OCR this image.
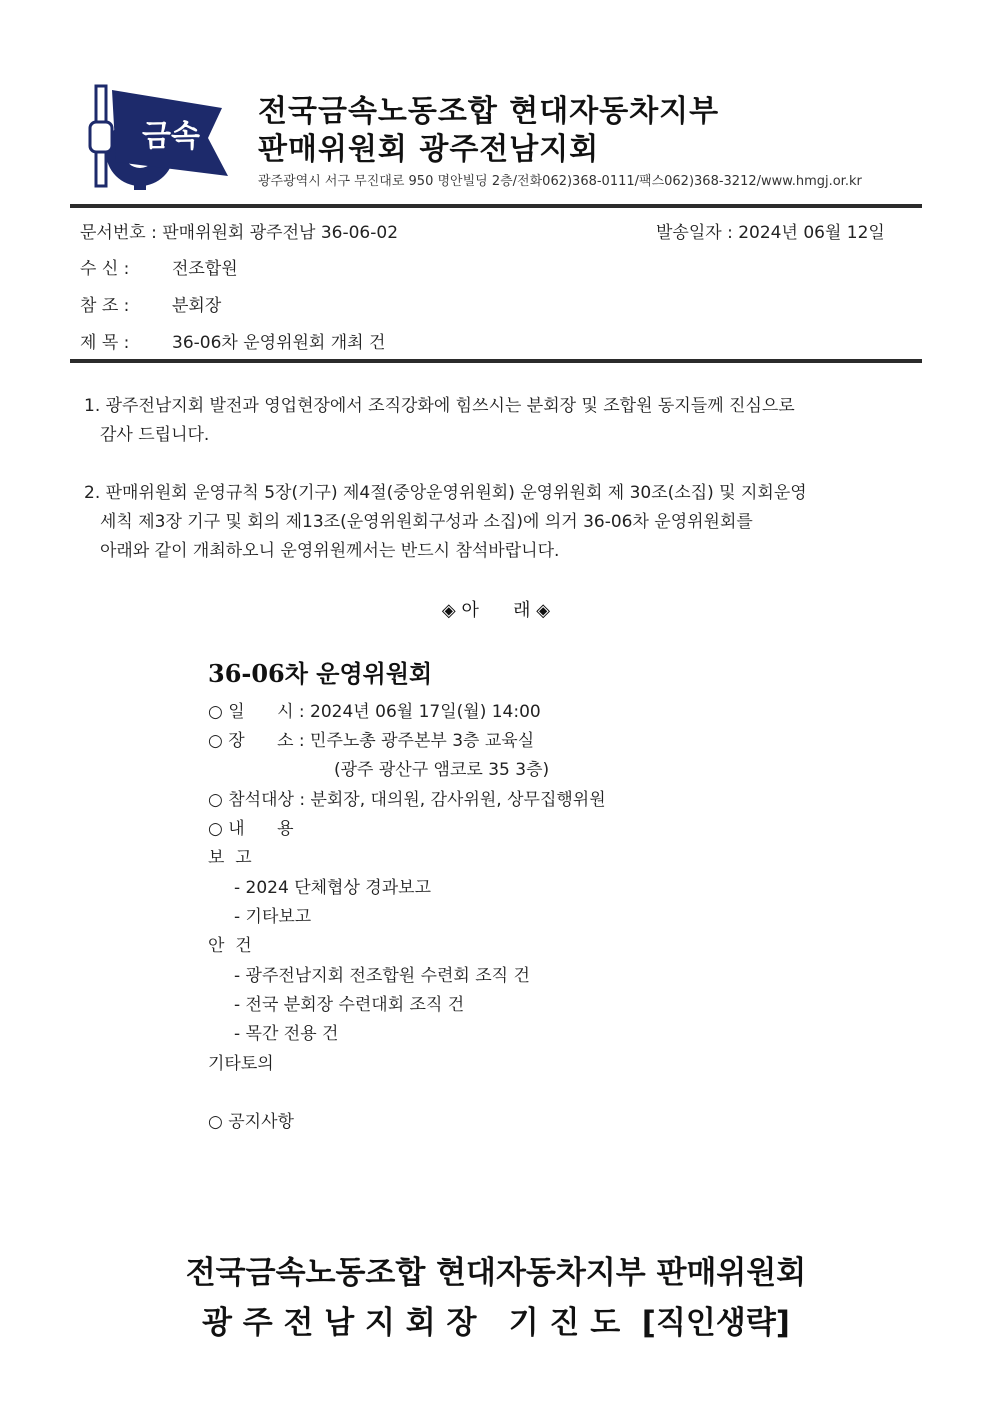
금속
전국금속노동조합 현대자동차지부
판매위원회 광주전남지회
광주광역시 서구 무진대로 950 명안빌딩 2층/전화062)368-0111/팩스062)368-3212/www.hmgj.or.kr
문서번호 : 판매위원회 광주전남 36-06-02	발송일자 : 2024년 06월 12일
수 신 :	전조합원
참 조 :	분회장
제 목 :	36-06차 운영위원회 개최 건
1. 광주전남지회 발전과 영업현장에서 조직강화에 힘쓰시는 분회장 및 조합원 동지들께 진심으로
감사 드립니다.
2. 판매위원회 운영규칙 5장(기구) 제4절(중앙운영위원회) 운영위원회 제 30조(소집) 및 지회운영
세칙 제3장 기구 및 회의 제13조(운영위원회구성과 소집)에 의거 36-06차 운영위원회를
아래와 같이 개최하오니 운영위원께서는 반드시 참석바랍니다.
◈ 아      래 ◈
36-06차 운영위원회
○ 일      시 : 2024년 06월 17일(월) 14:00
○ 장      소 : 민주노총 광주본부 3층 교육실
(광주 광산구 앰코로 35 3층)
○ 참석대상 : 분회장, 대의원, 감사위원, 상무집행위원
○ 내      용
보  고
- 2024 단체협상 경과보고
- 기타보고
안  건
- 광주전남지회 전조합원 수련회 조직 건
- 전국 분회장 수련대회 조직 건
- 목간 전용 건
기타토의
○ 공지사항
전국금속노동조합 현대자동차지부 판매위원회
광 주 전 남 지 회 장   기 진 도  [직인생략]
